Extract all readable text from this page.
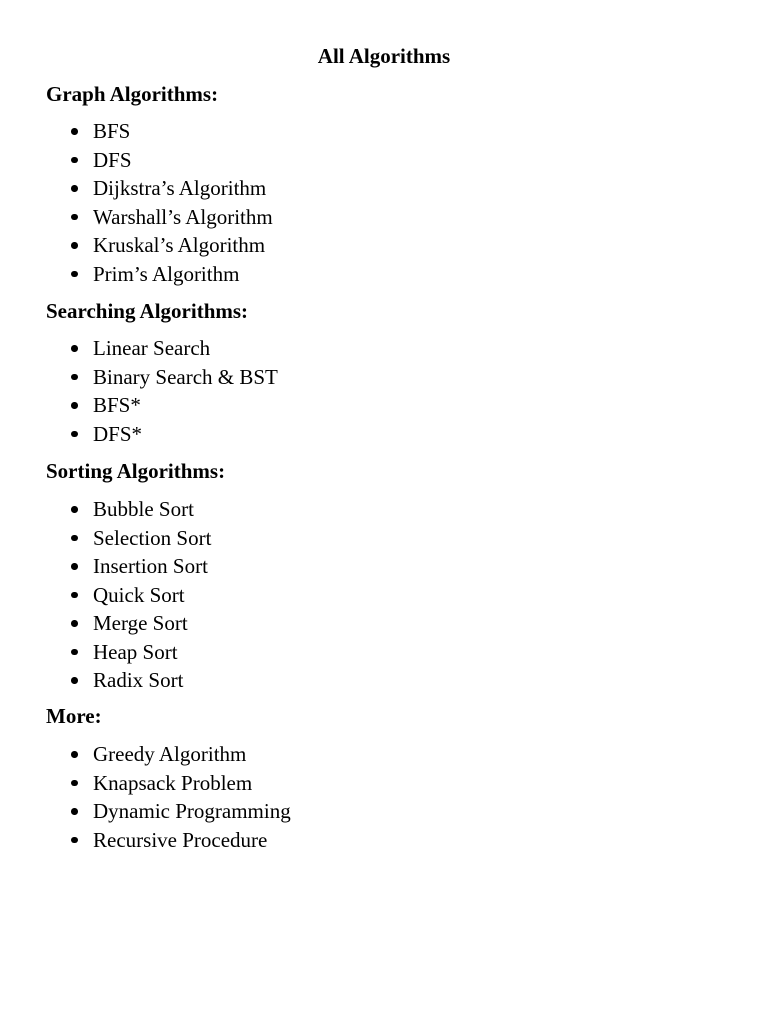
All Algorithms
Graph Algorithms:
BFS
DFS
Dijkstra’s Algorithm
Warshall’s Algorithm
Kruskal’s Algorithm
Prim’s Algorithm
Searching Algorithms:
Linear Search
Binary Search & BST
BFS*
DFS*
Sorting Algorithms:
Bubble Sort
Selection Sort
Insertion Sort
Quick Sort
Merge Sort
Heap Sort
Radix Sort
More:
Greedy Algorithm
Knapsack Problem
Dynamic Programming
Recursive Procedure
